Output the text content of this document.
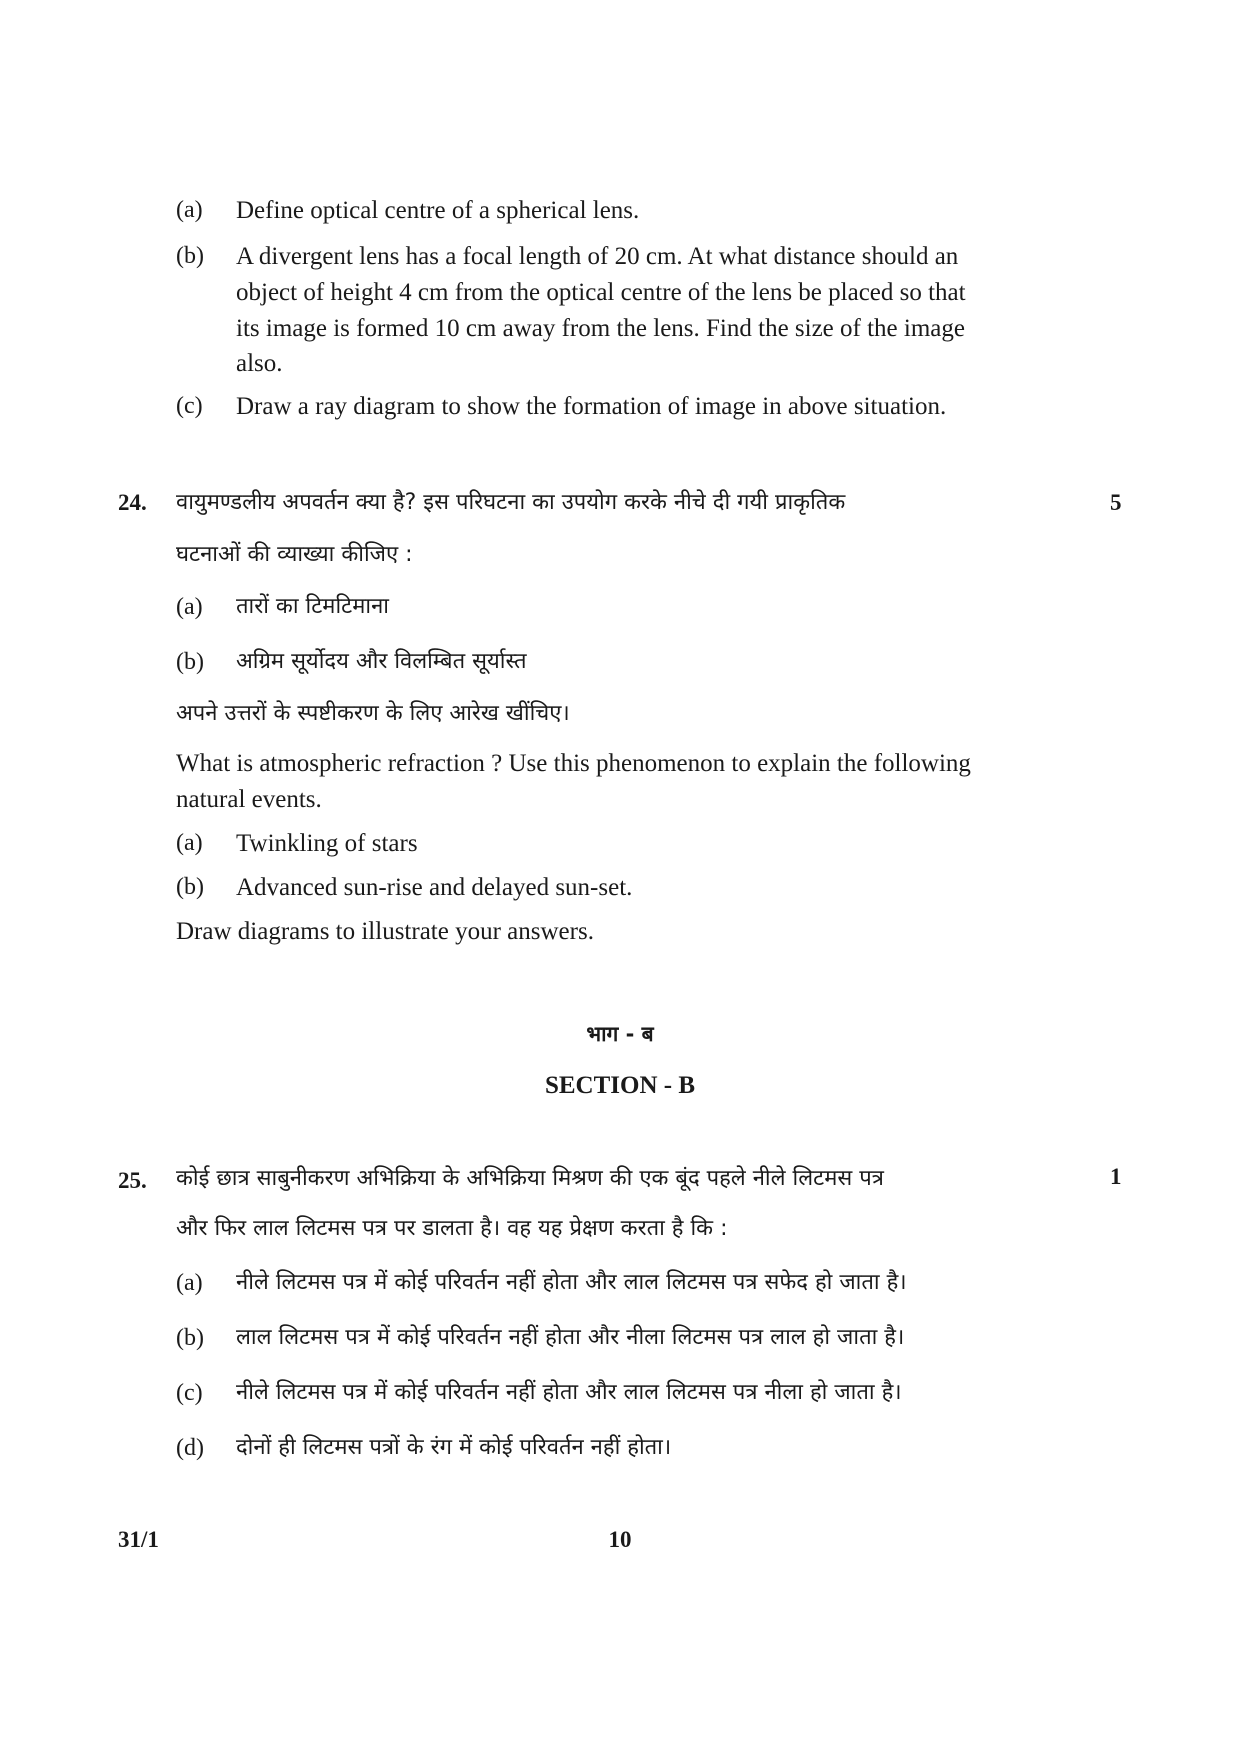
(a) Define optical centre of a spherical lens.
(b) A divergent lens has a focal length of 20 cm. At what distance should an
object of height 4 cm from the optical centre of the lens be placed so that
its image is formed 10 cm away from the lens. Find the size of the image
also.
(c) Draw a ray diagram to show the formation of image in above situation.
24.	5
वायुमण्डलीय अपवर्तन क्या है? इस परिघटना का उपयोग करके नीचे दी गयी प्राकृतिक
घटनाओं की व्याख्या कीजिए :
(a) तारों का टिमटिमाना
(b) अग्रिम सूर्योदय और विलम्बित सूर्यास्त
अपने उत्तरों के स्पष्टीकरण के लिए आरेख खींचिए।
What is atmospheric refraction ? Use this phenomenon to explain the following
natural events.
(a) Twinkling of stars
(b) Advanced sun-rise and delayed sun-set.
Draw diagrams to illustrate your answers.
भाग - ब
SECTION - B
25.	1
कोई छात्र साबुनीकरण अभिक्रिया के अभिक्रिया मिश्रण की एक बूंद पहले नीले लिटमस पत्र
और फिर लाल लिटमस पत्र पर डालता है। वह यह प्रेक्षण करता है कि :
(a) नीले लिटमस पत्र में कोई परिवर्तन नहीं होता और लाल लिटमस पत्र सफेद हो जाता है।
(b) लाल लिटमस पत्र में कोई परिवर्तन नहीं होता और नीला लिटमस पत्र लाल हो जाता है।
(c) नीले लिटमस पत्र में कोई परिवर्तन नहीं होता और लाल लिटमस पत्र नीला हो जाता है।
(d) दोनों ही लिटमस पत्रों के रंग में कोई परिवर्तन नहीं होता।
31/1	10
